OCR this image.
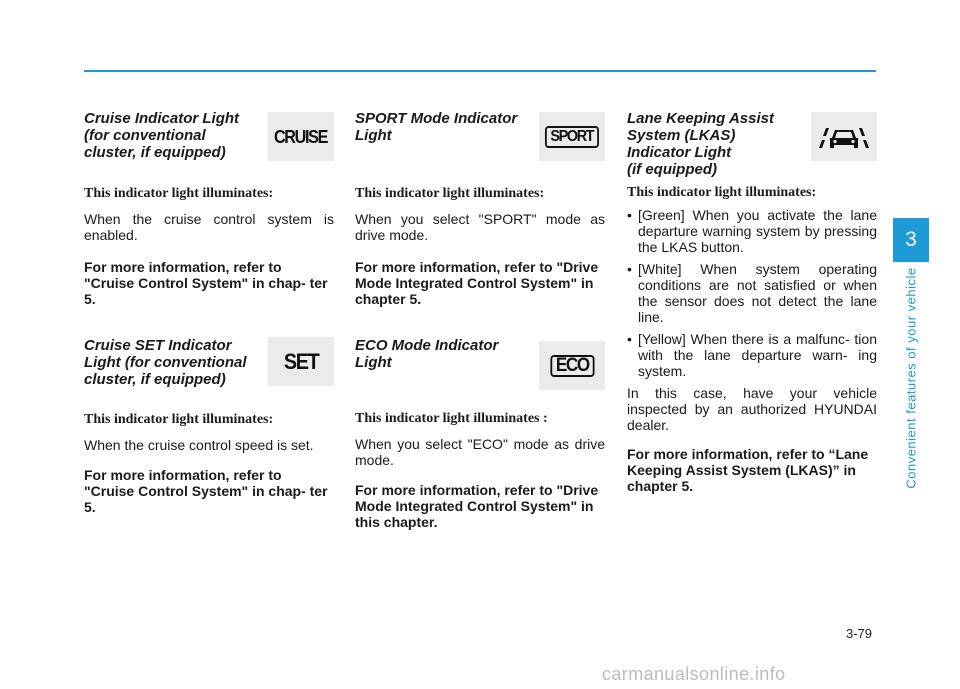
3
Convenient features of your vehicle
CRUISE

Cruise Indicator Light
(for conventional
cluster, if equipped)

This indicator light illuminates:

When the cruise control system is enabled.

For more information, refer to "Cruise Control System" in chap- ter 5.

SET

Cruise SET Indicator
Light (for conventional
cluster, if equipped)

This indicator light illuminates:

When the cruise control speed is set.

For more information, refer to "Cruise Control System" in chap- ter 5.

SPORT

SPORT Mode Indicator
Light

This indicator light illuminates:

When you select "SPORT" mode as drive mode.

For more information, refer to "Drive Mode Integrated Control System" in chapter 5.

ECO

ECO Mode Indicator
Light

This indicator light illuminates :

When you select "ECO" mode as drive mode.

For more information, refer to "Drive Mode Integrated Control System" in this chapter.

Lane Keeping Assist
System (LKAS)
Indicator Light
(if equipped)

This indicator light illuminates:

• [Green] When you activate the lane departure warning system by pressing the LKAS button.
• [White] When system operating conditions are not satisfied or when the sensor does not detect the lane line.
• [Yellow] When there is a malfunc- tion with the lane departure warn- ing system.

In this case, have your vehicle inspected by an authorized HYUNDAI dealer.

For more information, refer to “Lane Keeping Assist System (LKAS)” in chapter 5.

3-79
carmanualsonline.info
